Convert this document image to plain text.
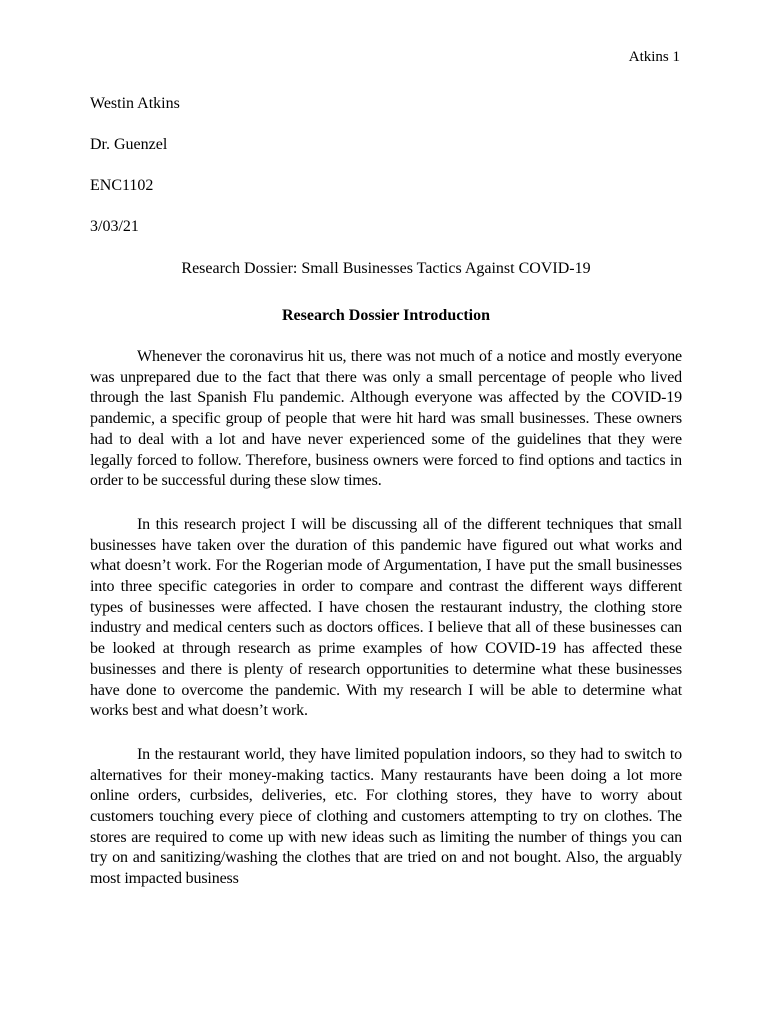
Atkins 1

Westin Atkins

Dr. Guenzel

ENC1102

3/03/21

Research Dossier: Small Businesses Tactics Against COVID-19

Research Dossier Introduction

Whenever the coronavirus hit us, there was not much of a notice and mostly everyone was unprepared due to the fact that there was only a small percentage of people who lived through the last Spanish Flu pandemic. Although everyone was affected by the COVID-19 pandemic, a specific group of people that were hit hard was small businesses. These owners had to deal with a lot and have never experienced some of the guidelines that they were legally forced to follow. Therefore, business owners were forced to find options and tactics in order to be successful during these slow times.

In this research project I will be discussing all of the different techniques that small businesses have taken over the duration of this pandemic have figured out what works and what doesn’t work. For the Rogerian mode of Argumentation, I have put the small businesses into three specific categories in order to compare and contrast the different ways different types of businesses were affected. I have chosen the restaurant industry, the clothing store industry and medical centers such as doctors offices. I believe that all of these businesses can be looked at through research as prime examples of how COVID-19 has affected these businesses and there is plenty of research opportunities to determine what these businesses have done to overcome the pandemic. With my research I will be able to determine what works best and what doesn’t work.

In the restaurant world, they have limited population indoors, so they had to switch to alternatives for their money-making tactics. Many restaurants have been doing a lot more online orders, curbsides, deliveries, etc. For clothing stores, they have to worry about customers touching every piece of clothing and customers attempting to try on clothes. The stores are required to come up with new ideas such as limiting the number of things you can try on and sanitizing/washing the clothes that are tried on and not bought. Also, the arguably most impacted business
